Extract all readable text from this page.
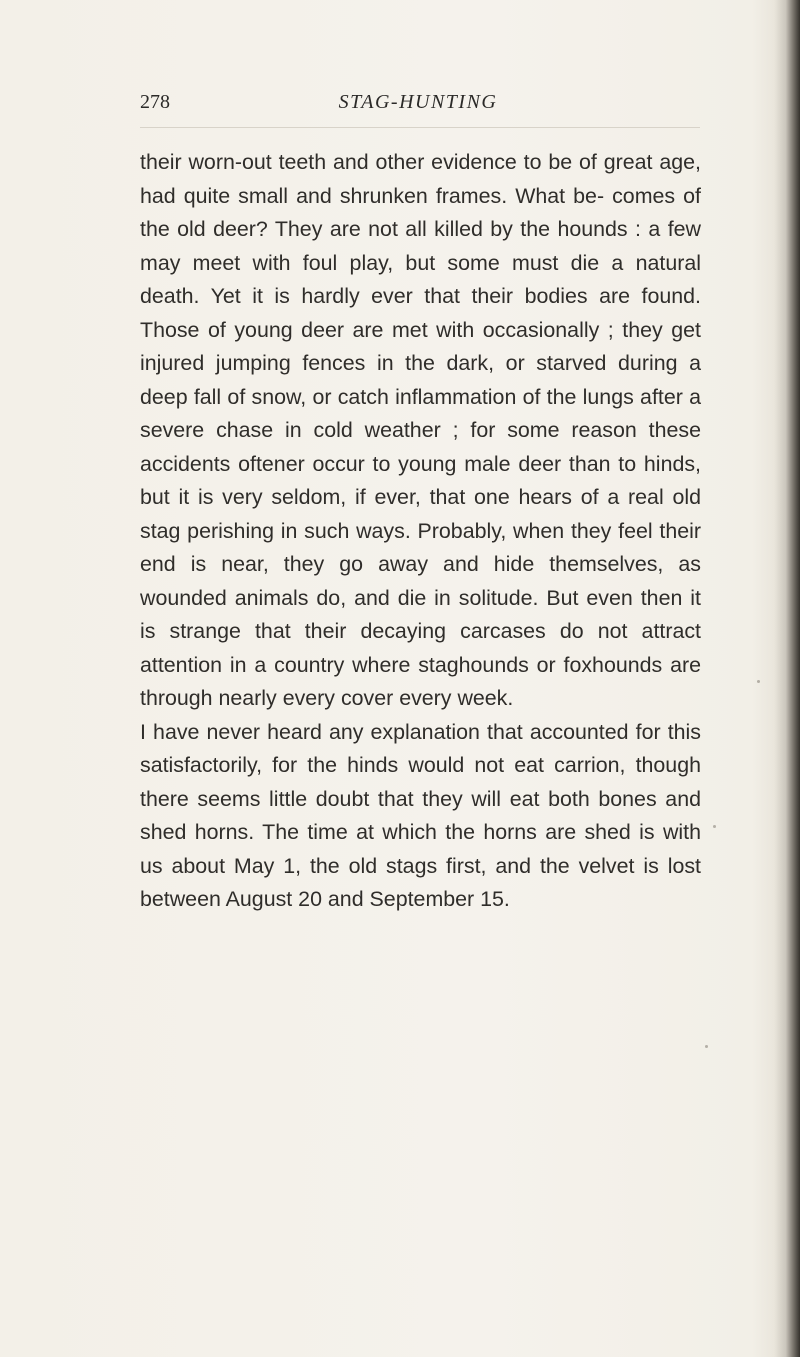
278	STAG-HUNTING

their worn-out teeth and other evidence to be of great age, had quite small and shrunken frames. What be- comes of the old deer? They are not all killed by the hounds : a few may meet with foul play, but some must die a natural death. Yet it is hardly ever that their bodies are found. Those of young deer are met with occasionally ; they get injured jumping fences in the dark, or starved during a deep fall of snow, or catch inflammation of the lungs after a severe chase in cold weather ; for some reason these accidents oftener occur to young male deer than to hinds, but it is very seldom, if ever, that one hears of a real old stag perishing in such ways. Probably, when they feel their end is near, they go away and hide themselves, as wounded animals do, and die in solitude. But even then it is strange that their decaying carcases do not attract attention in a country where staghounds or foxhounds are through nearly every cover every week.

I have never heard any explanation that accounted for this satisfactorily, for the hinds would not eat carrion, though there seems little doubt that they will eat both bones and shed horns. The time at which the horns are shed is with us about May 1, the old stags first, and the velvet is lost between August 20 and September 15.
